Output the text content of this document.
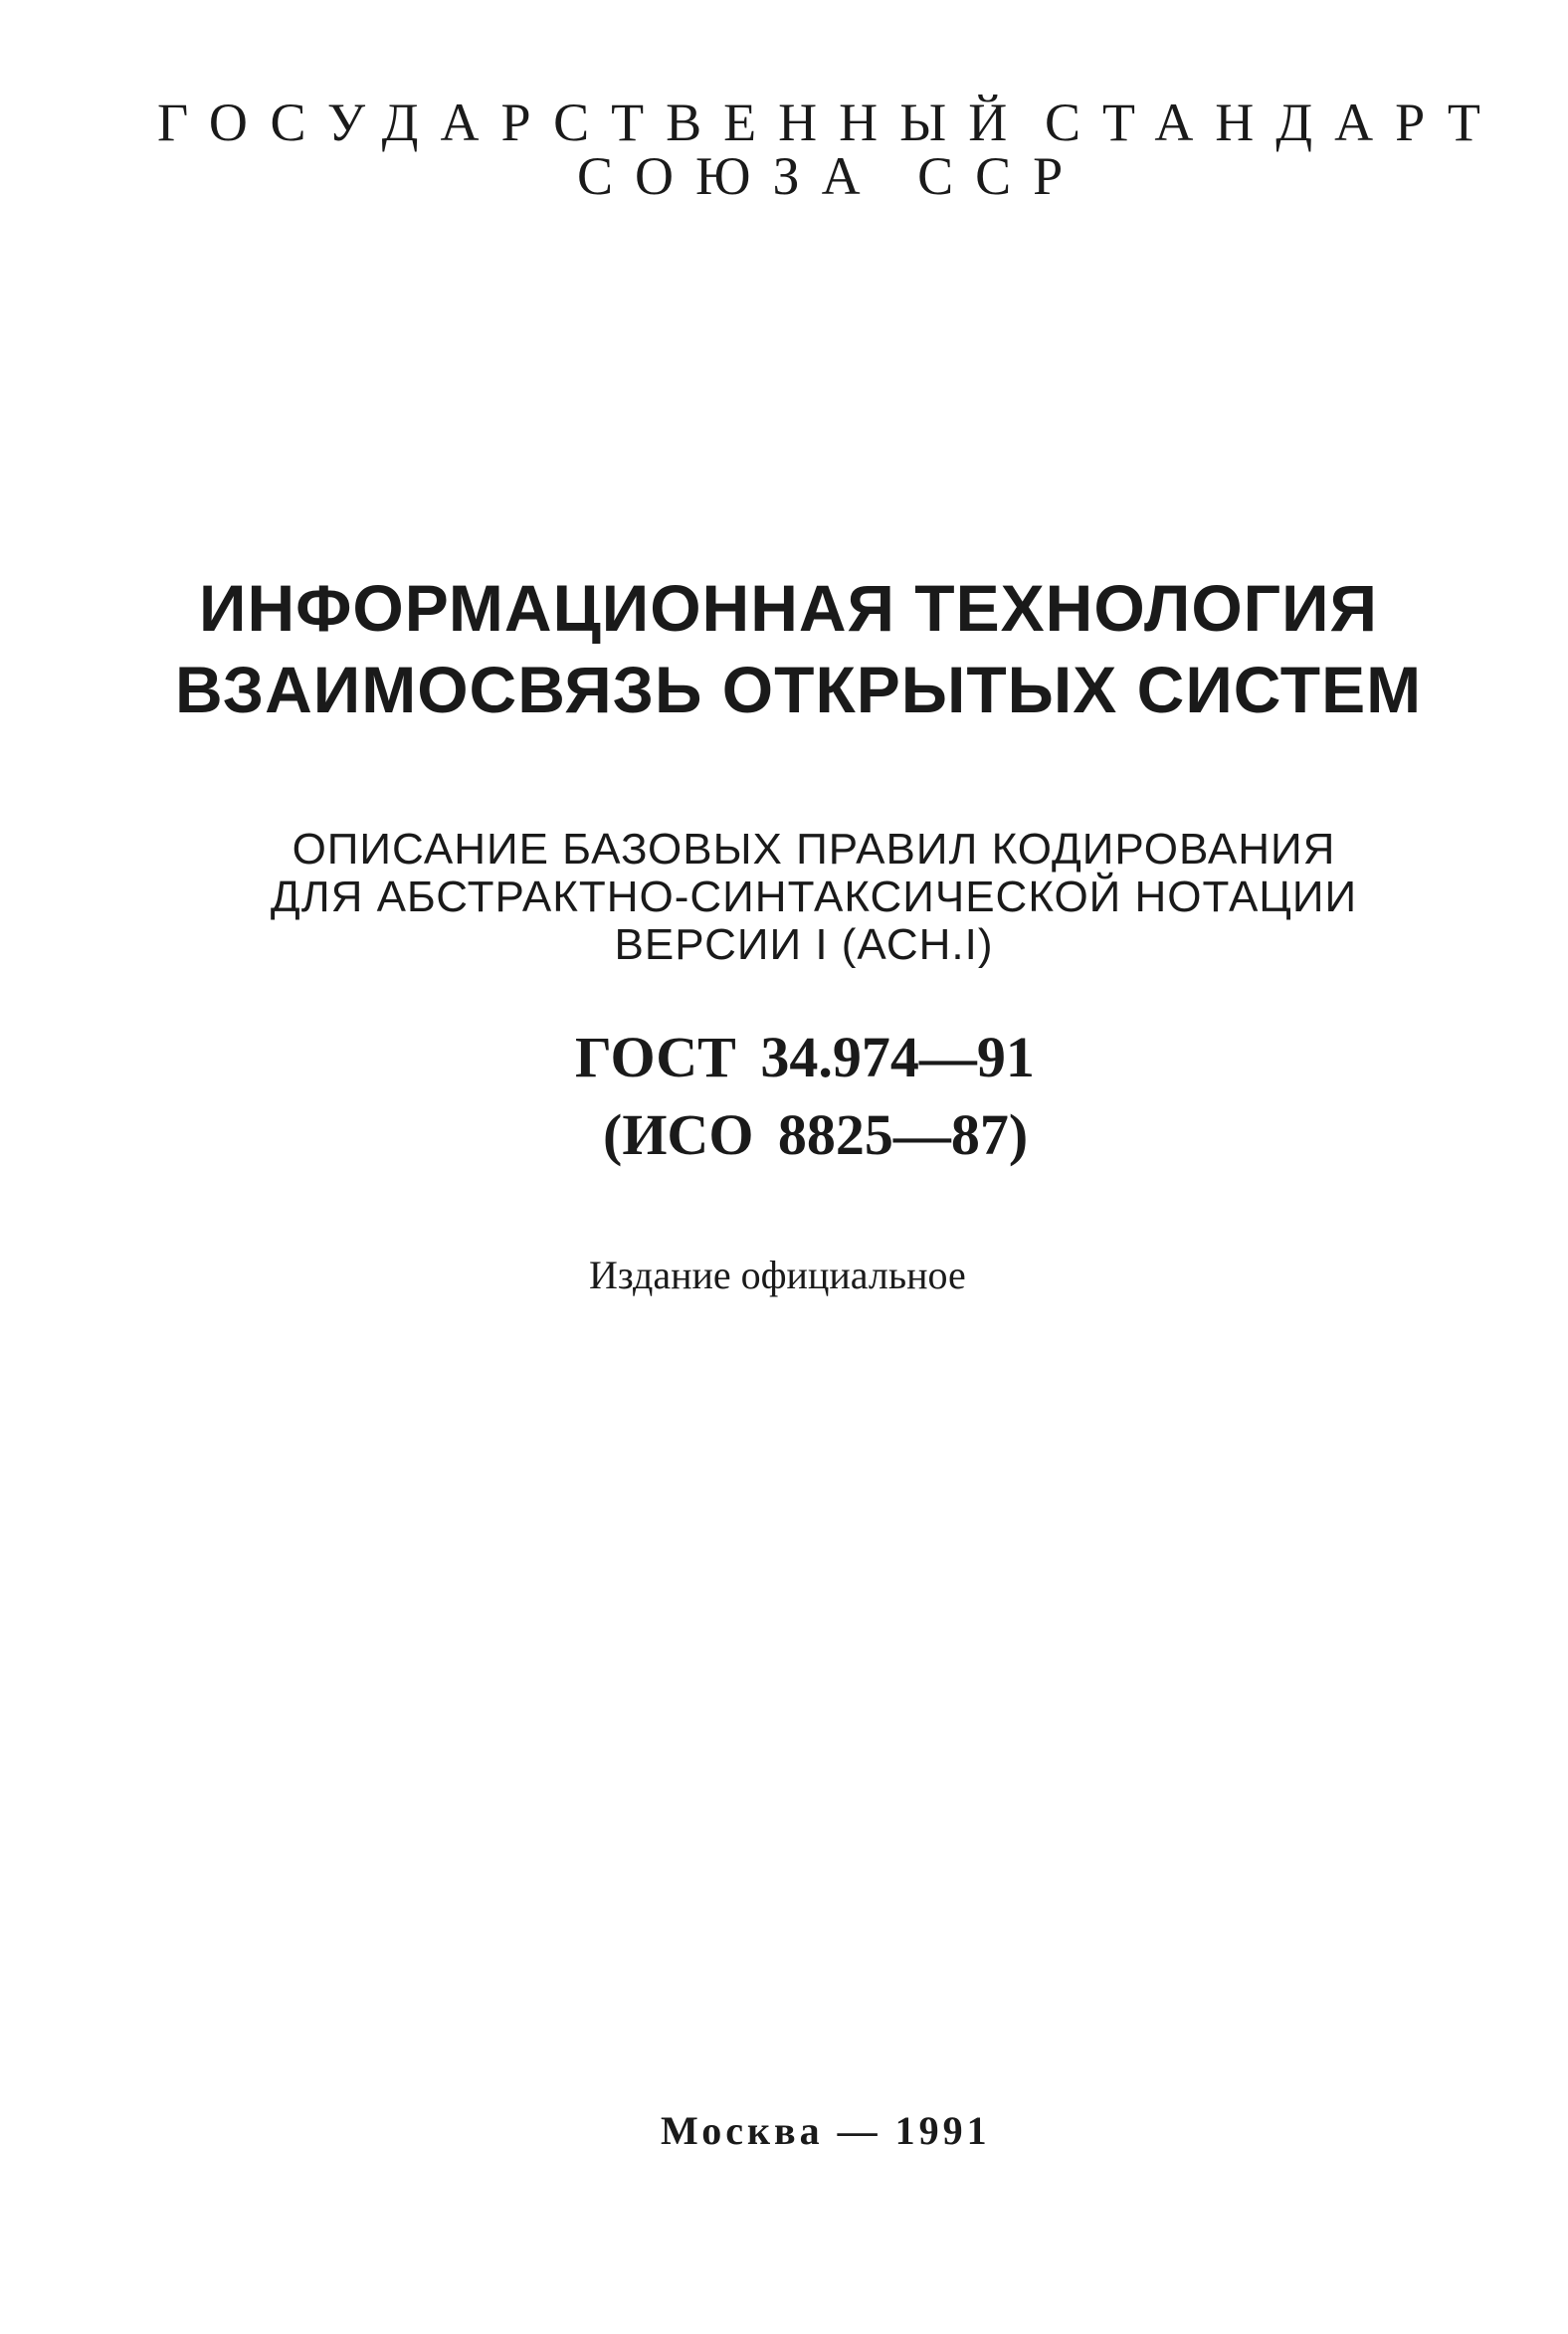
ГОСУДАРСТВЕННЫЙ СТАНДАРТ
СОЮЗА ССР
ИНФОРМАЦИОННАЯ ТЕХНОЛОГИЯ
ВЗАИМОСВЯЗЬ ОТКРЫТЫХ СИСТЕМ
ОПИСАНИЕ БАЗОВЫХ ПРАВИЛ КОДИРОВАНИЯ
ДЛЯ АБСТРАКТНО-СИНТАКСИЧЕСКОЙ НОТАЦИИ
ВЕРСИИ I (АСН.I)
ГОСТ 34.974—91
(ИСО 8825—87)
Издание официальное
Москва — 1991
